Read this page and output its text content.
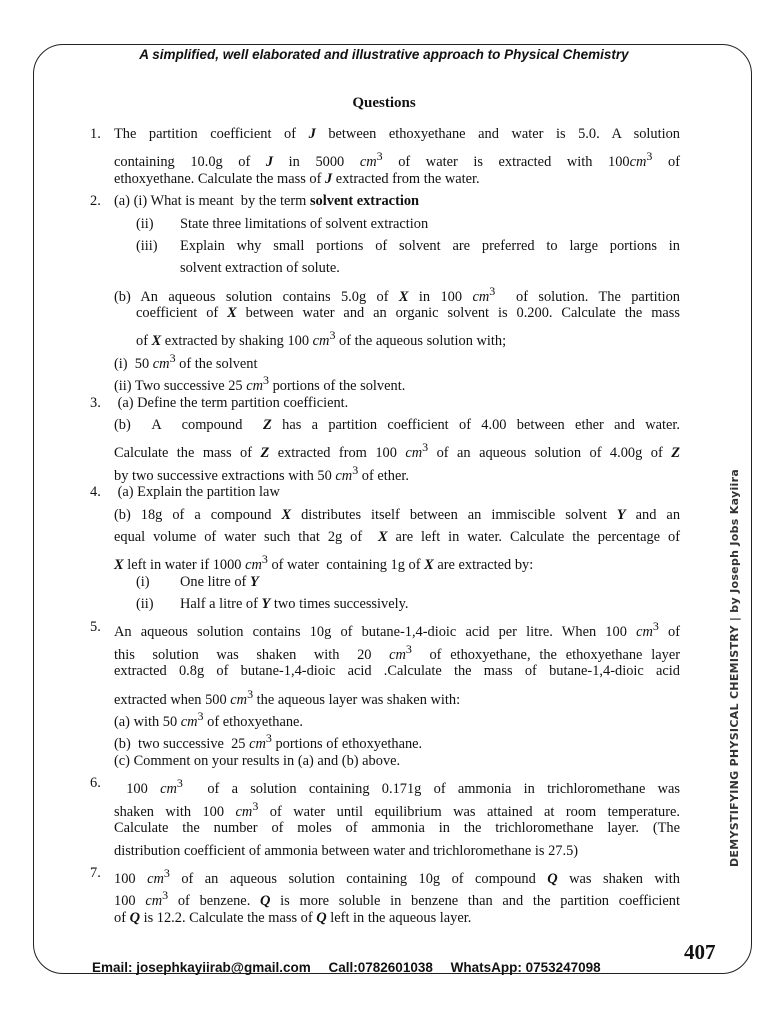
A simplified, well elaborated and illustrative approach to Physical Chemistry
Questions
1. The partition coefficient of J between ethoxyethane and water is 5.0. A solution
containing 10.0g of J in 5000 $cm^3$ of water is extracted with $100cm^3$ of
ethoxyethane. Calculate the mass of J extracted from the water.
2. (a) (i) What is meant  by the term solvent extraction
(ii) State three limitations of solvent extraction
(iii) Explain why small portions of solvent are preferred to large portions in
solvent extraction of solute.
(b) An aqueous solution contains 5.0g of X in 100 $cm^3$  of solution. The partition
coefficient of X between water and an organic solvent is 0.200. Calculate the mass
of X extracted by shaking 100 $cm^3$ of the aqueous solution with;
(i)  50 $cm^3$ of the solvent
(ii) Two successive 25 $cm^3$ portions of the solvent.
3. (a) Define the term partition coefficient.
(b)  A  compound  Z has a partition coefficient of 4.00 between ether and water.
Calculate the mass of Z extracted from 100 $cm^3$ of an aqueous solution of 4.00g of Z
by two successive extractions with 50 $cm^3$ of ether.
4. (a) Explain the partition law
(b) 18g of a compound X distributes itself between an immiscible solvent Y and an
equal volume of water such that 2g of  X are left in water. Calculate the percentage of
X left in water if 1000 $cm^3$ of water  containing 1g of X are extracted by:
(i) One litre of Y
(ii) Half a litre of Y two times successively.
5. An aqueous solution contains 10g of butane-1,4-dioic acid per litre. When 100 $cm^3$ of
this  solution  was  shaken  with  20  $cm^3$  of ethoxyethane, the ethoxyethane layer
extracted 0.8g of butane-1,4-dioic acid .Calculate the mass of butane-1,4-dioic acid
extracted when 500 $cm^3$ the aqueous layer was shaken with:
(a) with 50 $cm^3$ of ethoxyethane.
(b)  two successive  25 $cm^3$ portions of ethoxyethane.
(c) Comment on your results in (a) and (b) above.
6. 100 $cm^3$  of a solution containing 0.171g of ammonia in trichloromethane was
shaken with 100 $cm^3$ of water until equilibrium was attained at room temperature.
Calculate the number of moles of ammonia in the trichloromethane layer. (The
distribution coefficient of ammonia between water and trichloromethane is 27.5)
7. 100 $cm^3$ of an aqueous solution containing 10g of compound Q was shaken with
100 $cm^3$ of benzene. Q is more soluble in benzene than and the partition coefficient
of Q is 12.2. Calculate the mass of Q left in the aqueous layer.
DEMYSTIFYING PHYSICAL CHEMISTRY | by Joseph Jobs Kayiira
407
Email: josephkayiirab@gmail.com Call:0782601038 WhatsApp: 0753247098
